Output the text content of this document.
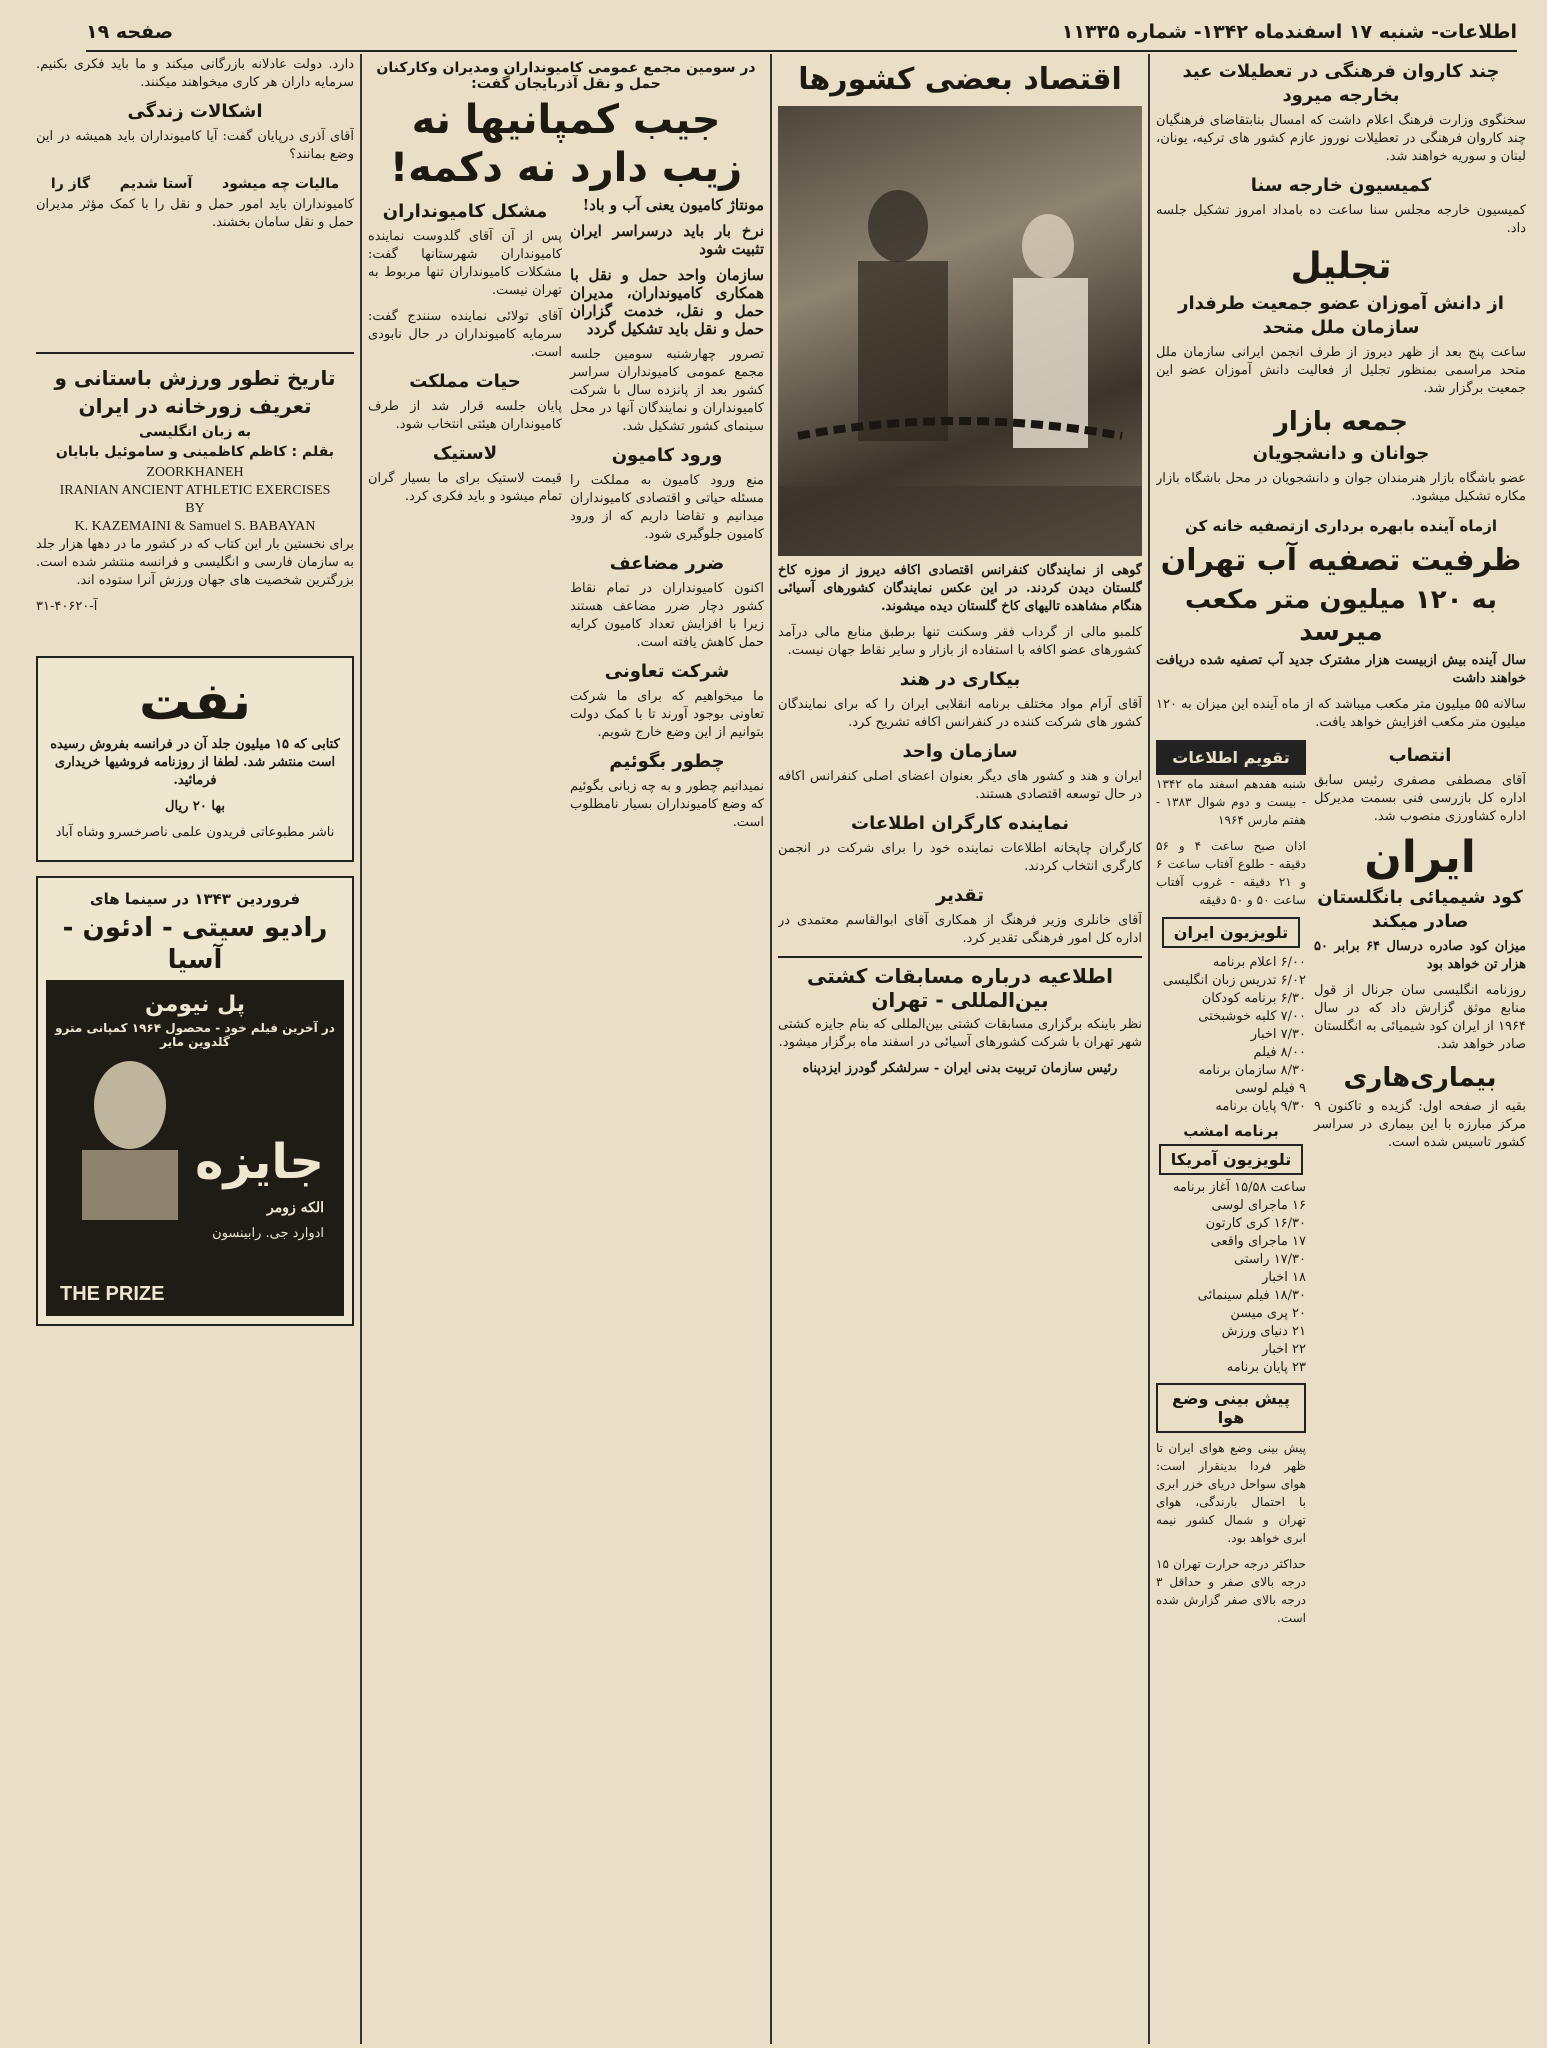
اطلاعات- شنبه ۱۷ اسفندماه ۱۳۴۲- شماره ۱۱۳۳۵
صفحه ۱۹
چند کاروان فرهنگی در تعطیلات عید بخارجه میرود

سخنگوی وزارت فرهنگ اعلام داشت که امسال بنابتقاضای فرهنگیان چند کاروان فرهنگی در تعطیلات نوروز عازم کشور های ترکیه، یونان، لبنان و سوریه خواهند شد.

کمیسیون خارجه سنا

کمیسیون خارجه مجلس سنا ساعت ده بامداد امروز تشکیل جلسه داد.

تجلیل
از دانش آموزان عضو جمعیت طرفدار سازمان ملل متحد

ساعت پنج بعد از ظهر دیروز از طرف انجمن ایرانی سازمان ملل متحد مراسمی بمنظور تجلیل از فعالیت دانش آموزان عضو این جمعیت برگزار شد.

جمعه بازار
جوانان و دانشجویان

عضو باشگاه بازار هنرمندان جوان و دانشجویان در محل باشگاه بازار مکاره تشکیل میشود.

ازماه آینده بابهره برداری ازتصفیه خانه کن
ظرفیت تصفیه آب تهران
به ۱۲۰ میلیون متر مکعب میرسد

سال آینده بیش ازبیست هزار مشترک جدید آب تصفیه شده دریافت خواهند داشت

سالانه ۵۵ میلیون متر مکعب میباشد که از ماه آینده این میزان به ۱۲۰ میلیون متر مکعب افزایش خواهد یافت.

انتصاب

آقای مصطفی مصفری رئیس سابق اداره کل بازرسی فنی بسمت مدیرکل اداره کشاورزی منصوب شد.

ایران
کود شیمیائی بانگلستان صادر میکند

میزان کود صادره درسال ۶۴ برابر ۵۰ هزار تن خواهد بود

روزنامه انگلیسی سان جرنال از قول منابع موثق گزارش داد که در سال ۱۹۶۴ از ایران کود شیمیائی به انگلستان صادر خواهد شد.

بیماری‌هاری

بقیه از صفحه اول: گزیده و تاکنون ۹ مرکز مبارزه با این بیماری در سراسر کشور تاسیس شده است.

تقویم اطلاعات

شنبه هفدهم اسفند ماه ۱۳۴۲ - بیست و دوم شوال ۱۳۸۳ - هفتم مارس ۱۹۶۴

اذان صبح ساعت ۴ و ۵۶ دقیقه - طلوع آفتاب ساعت ۶ و ۲۱ دقیقه - غروب آفتاب ساعت ۵۰ و ۵۰ دقیقه

تلویزیون ایران

۶/۰۰ اعلام برنامه

۶/۰۲ تدریس زبان انگلیسی

۶/۳۰ برنامه کودکان

۷/۰۰ کلبه خوشبختی

۷/۳۰ اخبار

۸/۰۰ فیلم

۸/۳۰ سازمان برنامه

۹ فیلم لوسی

۹/۳۰ پایان برنامه

برنامه امشب
تلویزیون آمریکا

ساعت ۱۵/۵۸ آغاز برنامه

۱۶ ماجرای لوسی

۱۶/۳۰ کری کارتون

۱۷ ماجرای واقعی

۱۷/۳۰ راستی

۱۸ اخبار

۱۸/۳۰ فیلم سینمائی

۲۰ پری میسن

۲۱ دنیای ورزش

۲۲ اخبار

۲۳ پایان برنامه

پیش بینی وضع هوا

پیش بینی وضع هوای ایران تا ظهر فردا بدینقرار است: هوای سواحل دریای خزر ابری با احتمال بارندگی، هوای تهران و شمال کشور نیمه ابری خواهد بود.

حداکثر درجه حرارت تهران ۱۵ درجه بالای صفر و حداقل ۳ درجه بالای صفر گزارش شده است.

اقتصاد بعضی کشورها

گوهی از نمایندگان کنفرانس اقتصادی اکافه دیروز از موزه کاخ گلستان دیدن کردند. در این عکس نمایندگان کشورهای آسیائی هنگام مشاهده تالیهای کاخ گلستان دیده میشوند.

کلمبو مالی از گرداب فقر وسکنت تنها برطبق منابع مالی درآمد کشورهای عضو اکافه با استفاده از بازار و سایر نقاط جهان نیست.

بیکاری در هند

آقای آرام مواد مختلف برنامه انقلابی ایران را که برای نمایندگان کشور های شرکت کننده در کنفرانس اکافه تشریح کرد.

سازمان واحد

ایران و هند و کشور های دیگر بعنوان اعضای اصلی کنفرانس اکافه در حال توسعه اقتصادی هستند.

نماینده کارگران اطلاعات

کارگران چاپخانه اطلاعات نماینده خود را برای شرکت در انجمن کارگری انتخاب کردند.

تقدیر

آقای خانلری وزیر فرهنگ از همکاری آقای ابوالقاسم معتمدی در اداره کل امور فرهنگی تقدیر کرد.

اطلاعیه درباره مسابقات کشتی بین‌المللی - تهران

نظر باینکه برگزاری مسابقات کشتی بین‌المللی که بنام جایزه کشتی شهر تهران با شرکت کشورهای آسیائی در اسفند ماه برگزار میشود.

رئیس سازمان تربیت بدنی ایران - سرلشکر گودرز ایزدپناه

در سومین مجمع عمومی کامیونداران ومدیران وکارکنان حمل و نقل آذربایجان گفت:
جیب کمپانیها نه زیب دارد نه دکمه!

مونتاژ کامیون یعنی آب و باد!

نرخ بار باید درسراسر ایران تثبیت شود

سازمان واحد حمل و نقل با همکاری کامیونداران، مدیران حمل و نقل، خدمت گزاران حمل و نقل باید تشکیل گردد

تصرور چهارشنبه سومین جلسه مجمع عمومی کامیونداران سراسر کشور بعد از پانزده سال با شرکت کامیونداران و نمایندگان آنها در محل سینمای کشور تشکیل شد.

ورود کامیون

منع ورود کامیون به مملکت را مسئله حیاتی و اقتصادی کامیونداران میدانیم و تقاضا داریم که از ورود کامیون جلوگیری شود.

ضرر مضاعف

اکنون کامیونداران در تمام نقاط کشور دچار ضرر مضاعف هستند زیرا با افزایش تعداد کامیون کرایه حمل کاهش یافته است.

شرکت تعاونی

ما میخواهیم که برای ما شرکت تعاونی بوجود آورند تا با کمک دولت بتوانیم از این وضع خارج شویم.

چطور بگوئیم

نمیدانیم چطور و به چه زبانی بگوئیم که وضع کامیونداران بسیار نامطلوب است.

مشکل کامیونداران

پس از آن آقای گلدوست نماینده کامیونداران شهرستانها گفت: مشکلات کامیونداران تنها مربوط به تهران نیست.

آقای تولائی نماینده سنندج گفت: سرمایه کامیونداران در حال نابودی است.

حیات مملکت

پایان جلسه قرار شد از طرف کامیونداران هیئتی انتخاب شود.

لاستیک

قیمت لاستیک برای ما بسیار گران تمام میشود و باید فکری کرد.

دارد. دولت عادلانه بازرگانی میکند و ما باید فکری بکنیم. سرمایه داران هر کاری میخواهند میکنند.

اشکالات زندگی

آقای آذری درپایان گفت: آیا کامیونداران باید همیشه در این وضع بمانند؟

مالیات چه میشود
آستا شدیم
گاز را

کامیونداران باید امور حمل و نقل را با کمک مؤثر مدیران حمل و نقل سامان بخشند.

تاریخ تطور ورزش باستانی و تعریف زورخانه در ایران
به زبان انگلیسی
بقلم : کاظم کاظمینی و ساموئیل بابایان
ZOORKHANEH
IRANIAN ANCIENT ATHLETIC EXERCISES
BY
K. KAZEMAINI & Samuel S. BABAYAN

برای نخستین بار این کتاب که در کشور ما در دهها هزار جلد به سازمان فارسی و انگلیسی و فرانسه منتشر شده است. بزرگترین شخصیت های جهان ورزش آنرا ستوده اند.

آ-۴۰۶۲۰-۳۱

نفت

کتابی که ۱۵ میلیون جلد آن در فرانسه بفروش رسیده است منتشر شد. لطفا از روزنامه فروشیها خریداری فرمائید.

بها ۲۰ ریال

ناشر مطبوعاتی فریدون علمی ناصرخسرو وشاه آباد

فروردین ۱۳۴۳ در سینما های
رادیو سیتی - ادئون - آسیا
پل نیومن
در آخرین فیلم خود - محصول ۱۹۶۴ کمپانی مترو گلدوین مایر
جایزه
الکه زومر
ادوارد جی. رابینسون
THE PRIZE
